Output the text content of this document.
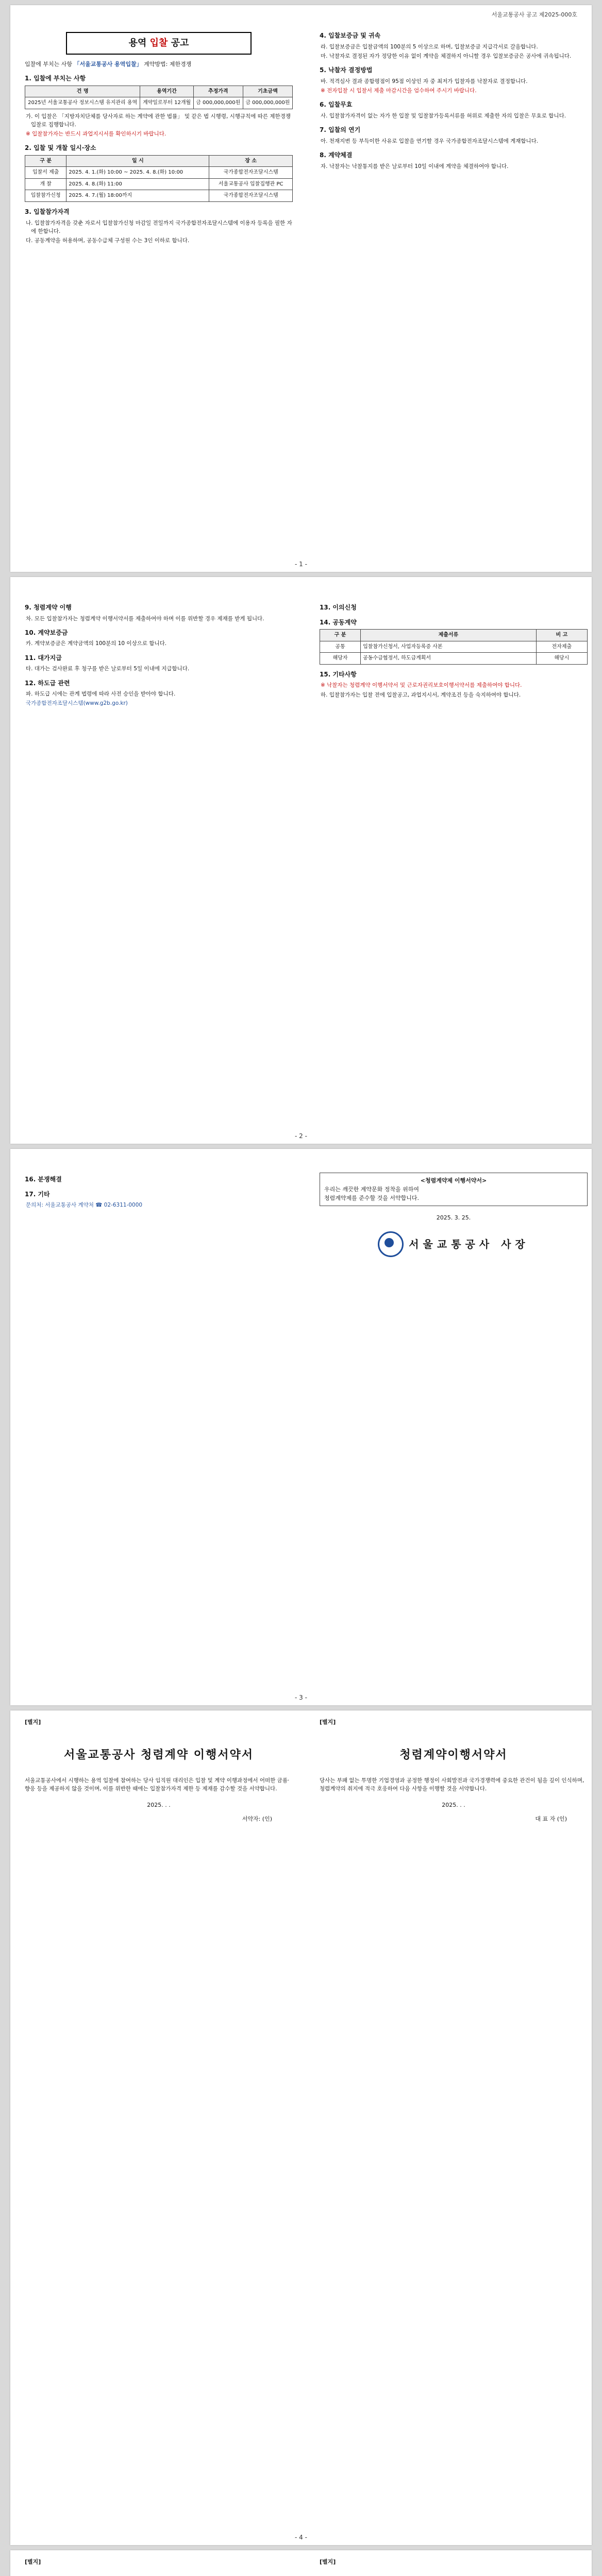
서울교통공사 공고 제2025-000호
용역 입찰 공고
입찰에 부치는 사항 「서울교통공사 용역입찰」 계약방법: 제한경쟁
1. 입찰에 부치는 사항
건 명	용역기간	추정가격	기초금액
2025년 서울교통공사 정보시스템 유지관리 용역	계약일로부터 12개월	금 000,000,000원	금 000,000,000원
가. 이 입찰은 「지방자치단체를 당사자로 하는 계약에 관한 법률」 및 같은 법 시행령, 시행규칙에 따른 제한경쟁입찰로 집행합니다.
※ 입찰참가자는 반드시 과업지시서를 확인하시기 바랍니다.
2. 입찰 및 개찰 일시·장소
구 분	일 시	장 소
입찰서 제출	2025. 4. 1.(화) 10:00 ~ 2025. 4. 8.(화) 10:00	국가종합전자조달시스템
개 찰	2025. 4. 8.(화) 11:00	서울교통공사 입찰집행관 PC
입찰참가신청	2025. 4. 7.(월) 18:00까지	국가종합전자조달시스템
3. 입찰참가자격
나. 입찰참가자격을 갖춘 자로서 입찰참가신청 마감일 전일까지 국가종합전자조달시스템에 이용자 등록을 필한 자에 한합니다.
다. 공동계약을 허용하며, 공동수급체 구성원 수는 3인 이하로 합니다.
4. 입찰보증금 및 귀속
라. 입찰보증금은 입찰금액의 100분의 5 이상으로 하며, 입찰보증금 지급각서로 갈음합니다.
마. 낙찰자로 결정된 자가 정당한 이유 없이 계약을 체결하지 아니할 경우 입찰보증금은 공사에 귀속됩니다.
5. 낙찰자 결정방법
바. 적격심사 결과 종합평점이 95점 이상인 자 중 최저가 입찰자를 낙찰자로 결정합니다.
※ 전자입찰 시 입찰서 제출 마감시간을 엄수하여 주시기 바랍니다.
6. 입찰무효
사. 입찰참가자격이 없는 자가 한 입찰 및 입찰참가등록서류를 허위로 제출한 자의 입찰은 무효로 합니다.
7. 입찰의 연기
아. 천재지변 등 부득이한 사유로 입찰을 연기할 경우 국가종합전자조달시스템에 게재합니다.
8. 계약체결
자. 낙찰자는 낙찰통지를 받은 날로부터 10일 이내에 계약을 체결하여야 합니다.
- 1 -
9. 청렴계약 이행
차. 모든 입찰참가자는 청렴계약 이행서약서를 제출하여야 하며 이를 위반할 경우 제재를 받게 됩니다.
10. 계약보증금
카. 계약보증금은 계약금액의 100분의 10 이상으로 합니다.
11. 대가지급
타. 대가는 검사완료 후 청구를 받은 날로부터 5일 이내에 지급합니다.
12. 하도급 관련
파. 하도급 시에는 관계 법령에 따라 사전 승인을 받아야 합니다.
국가종합전자조달시스템(www.g2b.go.kr)
13. 이의신청
14. 공동계약
구 분	제출서류	비 고
공통	입찰참가신청서, 사업자등록증 사본	전자제출
해당자	공동수급협정서, 하도급계획서	해당시
15. 기타사항
※ 낙찰자는 청렴계약 이행서약서 및 근로자권리보호이행서약서를 제출하여야 합니다.
하. 입찰참가자는 입찰 전에 입찰공고, 과업지시서, 계약조건 등을 숙지하여야 합니다.
- 2 -
16. 분쟁해결
17. 기타
문의처: 서울교통공사 계약처 ☎ 02-6311-0000
<청렴계약제 이행서약서>
우리는 깨끗한 계약문화 정착을 위하여
청렴계약제를 준수할 것을 서약합니다.
2025. 3. 25.
서울교통공사 사장
- 3 -
[별지]	[별지]
서울교통공사 청렴계약 이행서약서
서울교통공사에서 시행하는 용역 입찰에 참여하는 당사 임직원 대리인은 입찰 및 계약 이행과정에서 어떠한 금품·향응 등을 제공하지 않을 것이며, 이를 위반한 때에는 입찰참가자격 제한 등 제재를 감수할 것을 서약합니다.
2025. . .
서약자: (인)
청렴계약이행서약서
당사는 부패 없는 투명한 기업경영과 공정한 행정이 사회발전과 국가경쟁력에 중요한 관건이 됨을 깊이 인식하며, 청렴계약의 취지에 적극 호응하여 다음 사항을 이행할 것을 서약합니다.
2025. . .
대 표 자 (인)
- 4 -
[별지]	[별지]
